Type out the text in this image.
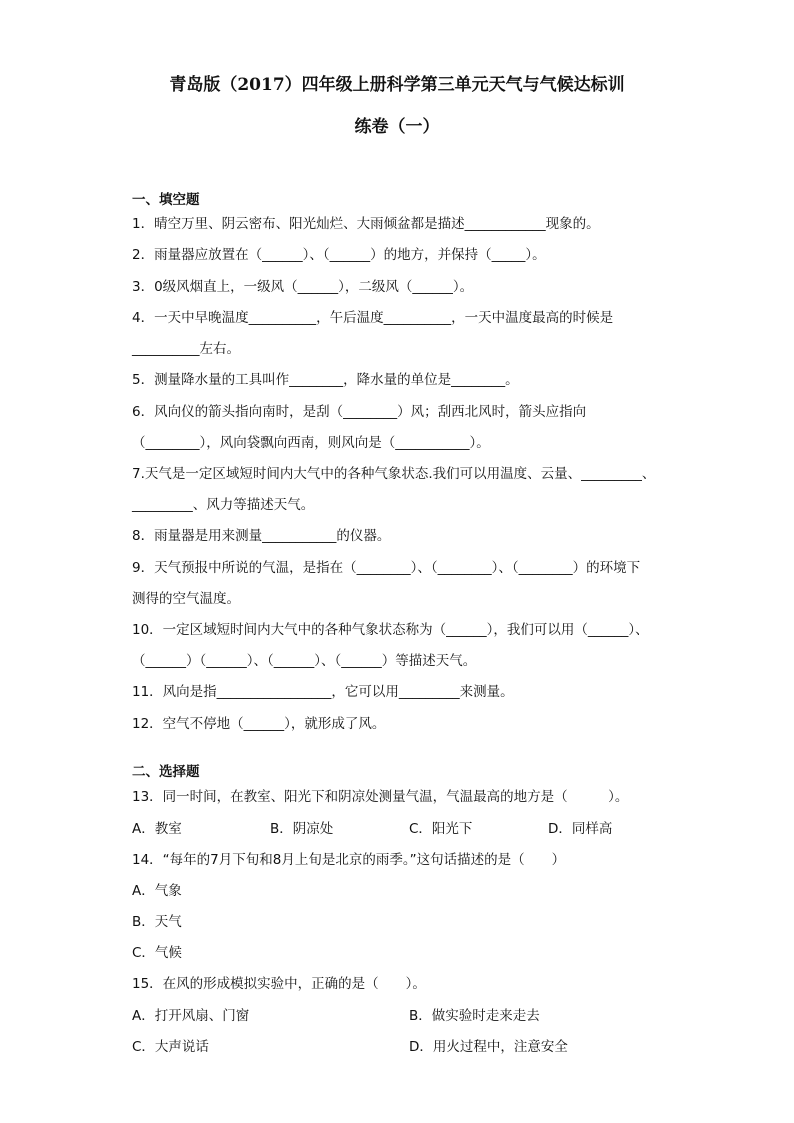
青岛版（2017）四年级上册科学第三单元天气与气候达标训
练卷（一）
一、填空题
1．晴空万里、阴云密布、阳光灿烂、大雨倾盆都是描述____________现象的。
2．雨量器应放置在（______）、（______）的地方，并保持（_____）。
3．0级风烟直上，一级风（______），二级风（______）。
4．一天中早晚温度__________，午后温度__________，一天中温度最高的时候是
__________左右。
5．测量降水量的工具叫作________，降水量的单位是________。
6．风向仪的箭头指向南时，是刮（________）风；刮西北风时，箭头应指向
（________），风向袋飘向西南，则风向是（___________）。
7.天气是一定区域短时间内大气中的各种气象状态.我们可以用温度、云量、_________、
_________、风力等描述天气。
8．雨量器是用来测量___________的仪器。
9．天气预报中所说的气温，是指在（________）、（________）、（________）的环境下
测得的空气温度。
10．一定区域短时间内大气中的各种气象状态称为（______），我们可以用（______）、
（______）（______）、（______）、（______）等描述天气。
11．风向是指_________________，它可以用_________来测量。
12．空气不停地（______），就形成了风。
二、选择题
13．同一时间，在教室、阳光下和阴凉处测量气温，气温最高的地方是（　　　）。
A．教室	B．阴凉处	C．阳光下	D．同样高
14．“每年的7月下旬和8月上旬是北京的雨季。”这句话描述的是（　　）
A．气象
B．天气
C．气候
15．在风的形成模拟实验中，正确的是（　　）。
A．打开风扇、门窗	B．做实验时走来走去
C．大声说话	D．用火过程中，注意安全
